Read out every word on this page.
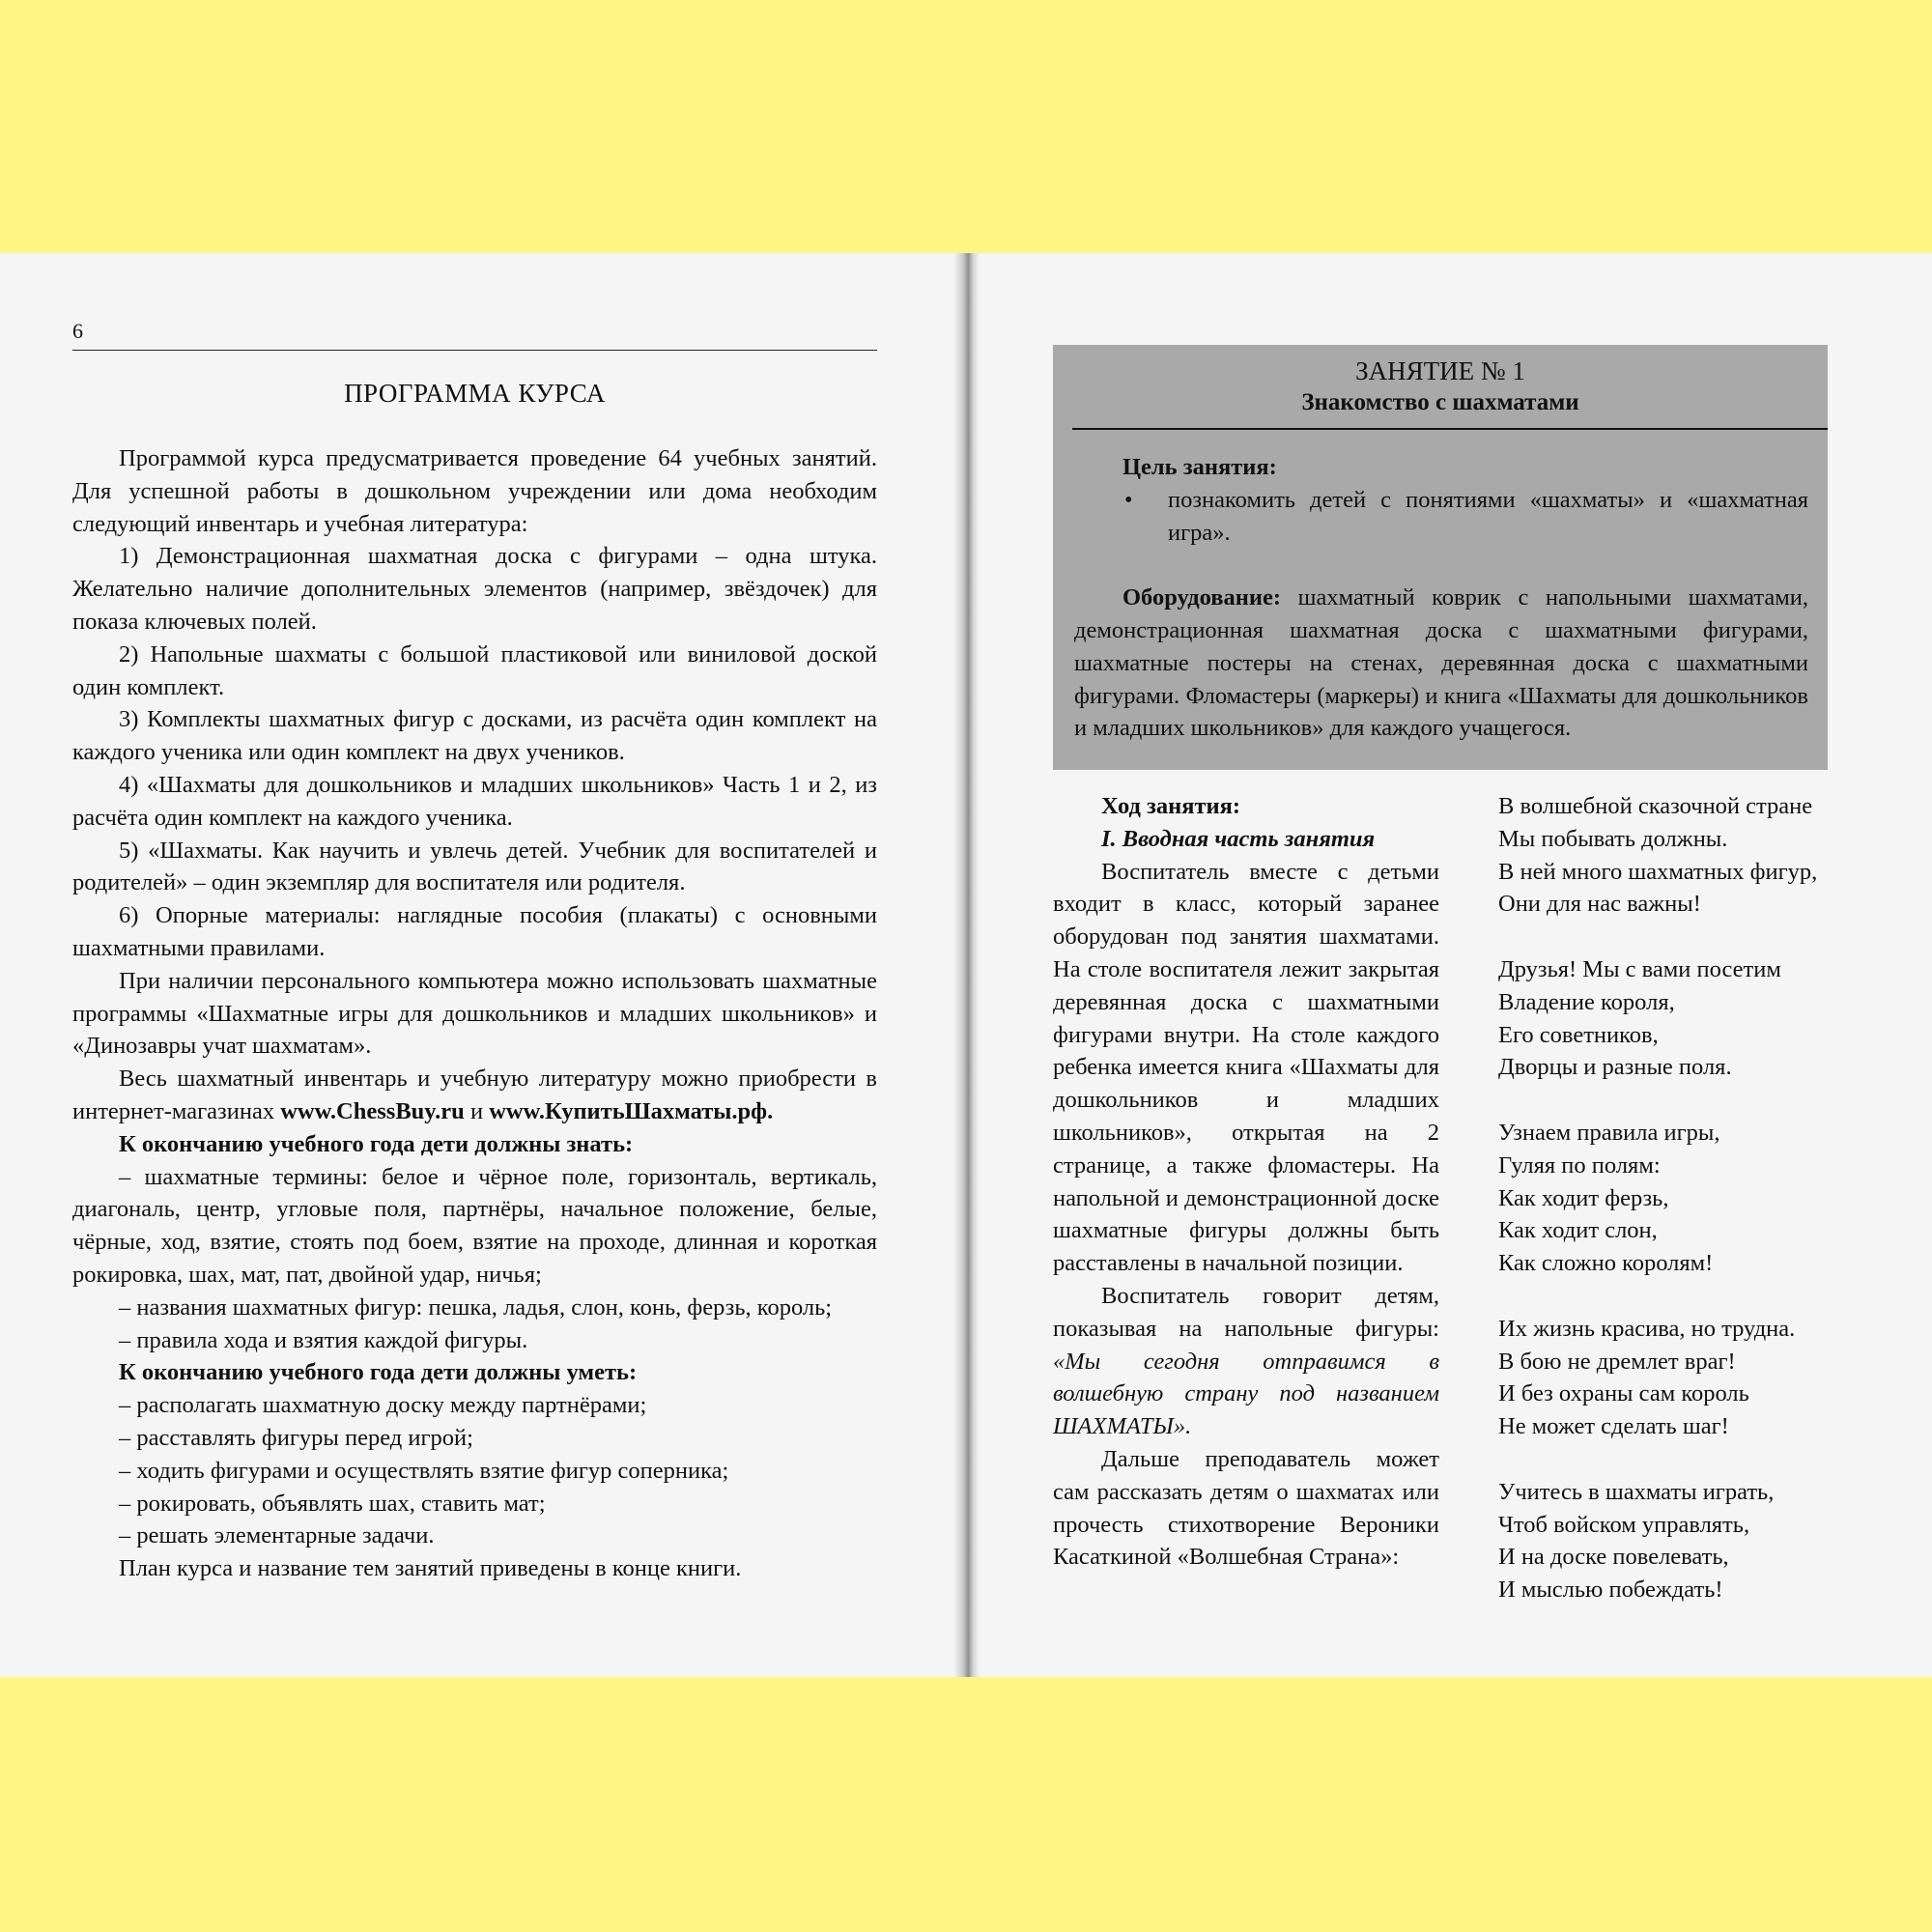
6
ПРОГРАММА КУРСА

Программой курса предусматривается проведение 64 учебных занятий. Для успешной работы в дошкольном учреждении или дома необходим следующий инвентарь и учебная литература:

1) Демонстрационная шахматная доска с фигурами – одна штука. Желательно наличие дополнительных элементов (например, звёздочек) для показа ключевых полей.

2) Напольные шахматы с большой пластиковой или виниловой доской один комплект.

3) Комплекты шахматных фигур с досками, из расчёта один комплект на каждого ученика или один комплект на двух учеников.

4) «Шахматы для дошкольников и младших школьников» Часть 1 и 2, из расчёта один комплект на каждого ученика.

5) «Шахматы. Как научить и увлечь детей. Учебник для воспитателей и родителей» – один экземпляр для воспитателя или родителя.

6) Опорные материалы: наглядные пособия (плакаты) с основными шахматными правилами.

При наличии персонального компьютера можно использовать шахматные программы «Шахматные игры для дошкольников и младших школьников» и «Динозавры учат шахматам».

Весь шахматный инвентарь и учебную литературу можно приобрести в интернет-магазинах www.ChessBuy.ru и www.КупитьШахматы.рф.

К окончанию учебного года дети должны знать:

– шахматные термины: белое и чёрное поле, горизонталь, вертикаль, диагональ, центр, угловые поля, партнёры, начальное положение, белые, чёрные, ход, взятие, стоять под боем, взятие на проходе, длинная и короткая рокировка, шах, мат, пат, двойной удар, ничья;

– названия шахматных фигур: пешка, ладья, слон, конь, ферзь, король;

– правила хода и взятия каждой фигуры.

К окончанию учебного года дети должны уметь:

– располагать шахматную доску между партнёрами;

– расставлять фигуры перед игрой;

– ходить фигурами и осуществлять взятие фигур соперника;

– рокировать, объявлять шах, ставить мат;

– решать элементарные задачи.

План курса и название тем занятий приведены в конце книги.

ЗАНЯТИЕ № 1
Знакомство с шахматами

Цель занятия:

•	познакомить детей с понятиями «шахматы» и «шахматная игра».

Оборудование: шахматный коврик с напольными шахматами, демонстрационная шахматная доска с шахматными фигурами, шахматные постеры на стенах, деревянная доска с шахматными фигурами. Фломастеры (маркеры) и книга «Шахматы для дошкольников и младших школьников» для каждого учащегося.

Ход занятия:

I. Вводная часть занятия

Воспитатель вместе с детьми входит в класс, который заранее оборудован под занятия шахматами. На столе воспитателя лежит закрытая деревянная доска с шахматными фигурами внутри. На столе каждого ребенка имеется книга «Шахматы для дошкольников и младших школьников», открытая на 2 странице, а также фломастеры. На напольной и демонстрационной доске шахматные фигуры должны быть расставлены в начальной позиции.

Воспитатель говорит детям, показывая на напольные фигуры: «Мы сегодня отправимся в волшебную страну под названием ШАХМАТЫ».

Дальше преподаватель может сам рассказать детям о шахматах или прочесть стихотворение Вероники Касаткиной «Волшебная Страна»:

В волшебной сказочной стране
Мы побывать должны.
В ней много шахматных фигур,
Они для нас важны!
Друзья! Мы с вами посетим
Владение короля,
Его советников,
Дворцы и разные поля.
Узнаем правила игры,
Гуляя по полям:
Как ходит ферзь,
Как ходит слон,
Как сложно королям!
Их жизнь красива, но трудна.
В бою не дремлет враг!
И без охраны сам король
Не может сделать шаг!
Учитесь в шахматы играть,
Чтоб войском управлять,
И на доске повелевать,
И мыслью побеждать!
